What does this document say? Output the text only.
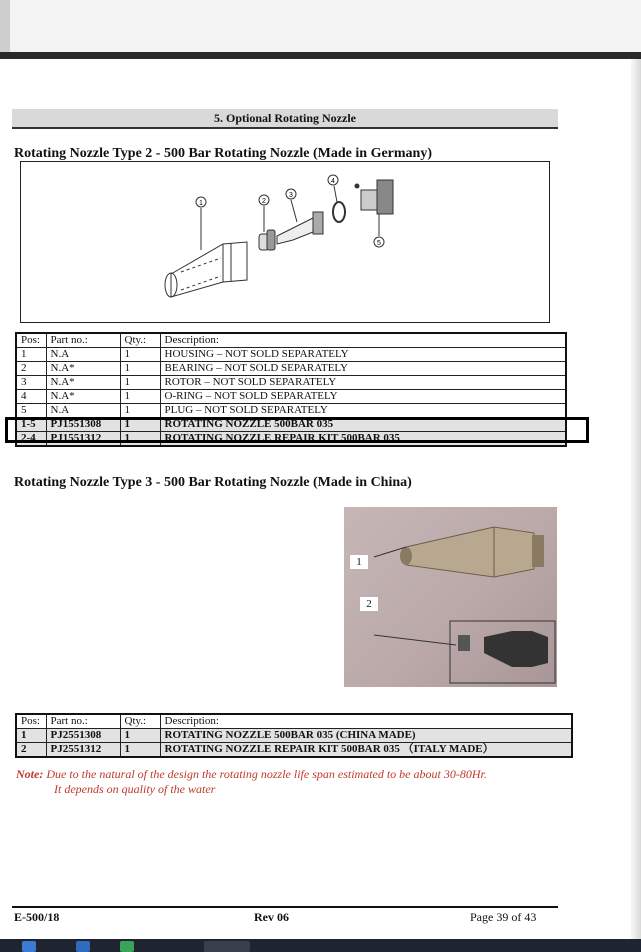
5. Optional Rotating Nozzle
Rotating Nozzle Type 2 - 500 Bar Rotating Nozzle (Made in Germany)
1	2
3
4
5
Pos:	Part no.:	Qty.:	Description:
1	N.A	1	HOUSING – NOT SOLD SEPARATELY
2	N.A*	1	BEARING – NOT SOLD SEPARATELY
3	N.A*	1	ROTOR – NOT SOLD SEPARATELY
4	N.A*	1	O-RING – NOT SOLD SEPARATELY
5	N.A	1	PLUG – NOT SOLD SEPARATELY
1-5	PJ1551308	1	ROTATING NOZZLE 500BAR 035
2-4	PJ1551312	1	ROTATING NOZZLE REPAIR KIT 500BAR 035
Rotating Nozzle Type 3 - 500 Bar Rotating Nozzle (Made in China)
1
2
Pos:	Part no.:	Qty.:	Description:
1	PJ2551308	1	ROTATING NOZZLE 500BAR 035 (CHINA MADE)
2	PJ2551312	1	ROTATING NOZZLE REPAIR KIT 500BAR 035 （ITALY MADE）
Note: Due to the natural of the design the rotating nozzle life span estimated to be about 30-80Hr.
It depends on quality of the water
E-500/18	Rev 06	Page 39 of 43
